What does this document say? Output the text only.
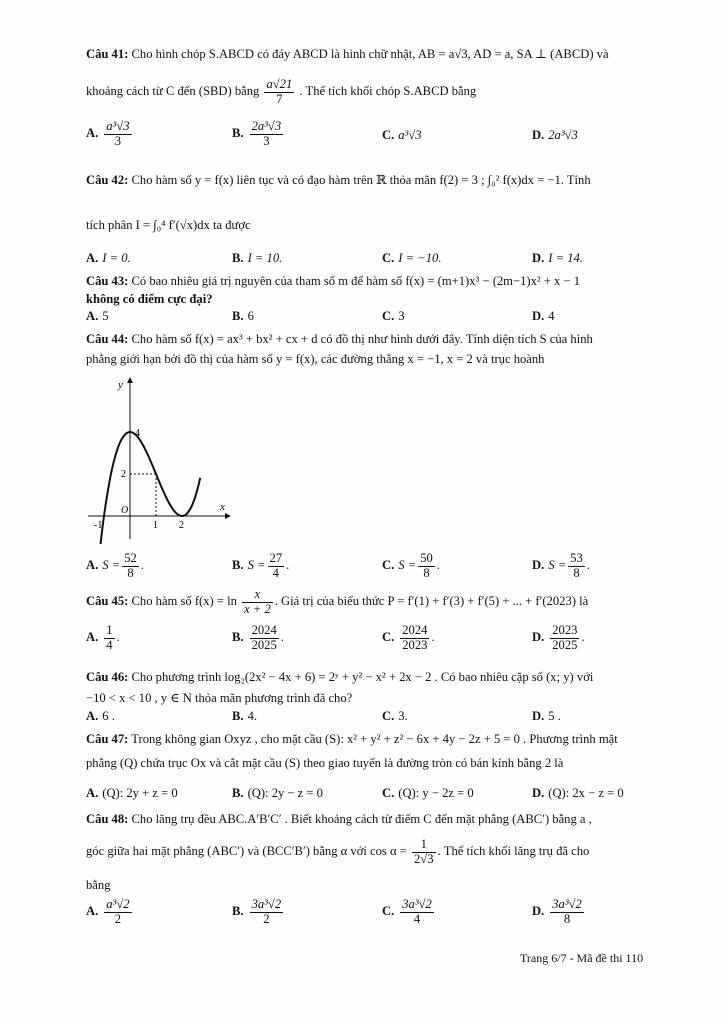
Câu 41: Cho hình chóp S.ABCD có đáy ABCD là hình chữ nhật, AB = a√3, AD = a, SA ⊥ (ABCD) và
khoảng cách từ C đến (SBD) bằng $\frac{a√21}{7}$ . Thể tích khối chóp S.ABCD bằng
A. $\frac{\text{a³√3}}{3}$	B. $\frac{\text{2a³√3}}{3}$	C. a³√3	D. 2a³√3
Câu 42: Cho hàm số y = f(x) liên tục và có đạo hàm trên ℝ thỏa mãn f(2) = 3 ; ∫₀² f(x)dx = −1. Tính
tích phân I = ∫₀⁴ f′(√x)dx ta được
A. I = 0.	B. I = 10.	C. I = −10.	D. I = 14.
Câu 43: Có bao nhiêu giá trị nguyên của tham số m để hàm số f(x) = (m+1)x³ − (2m−1)x² + x − 1
không có điểm cực đại?
A. 5	B. 6	C. 3	D. 4
Câu 44: Cho hàm số f(x) = ax³ + bx² + cx + d có đồ thị như hình dưới đây. Tính diện tích S của hình
phẳng giới hạn bởi đồ thị của hàm số y = f(x), các đường thẳng x = −1, x = 2 và trục hoành
y
x
O
4
2
-1	1 2
A. $S = \frac{52}{8}$ .	B. $S = \frac{27}{4}$ .	C. $S = \frac{50}{8}$ .	D. $S = \frac{53}{8}$ .
Câu 45: Cho hàm số $f(x) = \ln \frac{x}{x + 2}$ . Giá trị của biểu thức P = f′(1) + f′(3) + f′(5) + ... + f′(2023) là
A. $\frac{1}{4}$ .	B. $\frac{2024}{2025}$ .	C. $\frac{2024}{2023}$ .	D. $\frac{2023}{2025}$ .
Câu 46: Cho phương trình log₂(2x² − 4x + 6) = 2ʸ + y² − x² + 2x − 2 . Có bao nhiêu cặp số (x; y) với
−10 < x < 10 , y ∈ N thỏa mãn phương trình đã cho?
A. 6 .	B. 4.	C. 3.	D. 5 .
Câu 47: Trong không gian Oxyz , cho mặt cầu (S): x² + y² + z² − 6x + 4y − 2z + 5 = 0 . Phương trình mặt
phẳng (Q) chứa trục Ox và cắt mặt cầu (S) theo giao tuyến là đường tròn có bán kính bằng 2 là
A. (Q): 2y + z = 0	B. (Q): 2y − z = 0	C. (Q): y − 2z = 0	D. (Q): 2x − z = 0
Câu 48: Cho lăng trụ đều ABC.A′B′C′ . Biết khoảng cách từ điểm C đến mặt phẳng (ABC′) bằng a ,
góc giữa hai mặt phẳng (ABC′) và (BCC′B′) bằng α với $\cos \alpha = \frac{1}{2√3}$ . Thể tích khối lăng trụ đã cho
bằng
A. $\frac{\text{a³√2}}{2}$	B. $\frac{\text{3a³√2}}{2}$	C. $\frac{\text{3a³√2}}{4}$	D. $\frac{\text{3a³√2}}{8}$
Trang 6/7 - Mã đề thi 110
